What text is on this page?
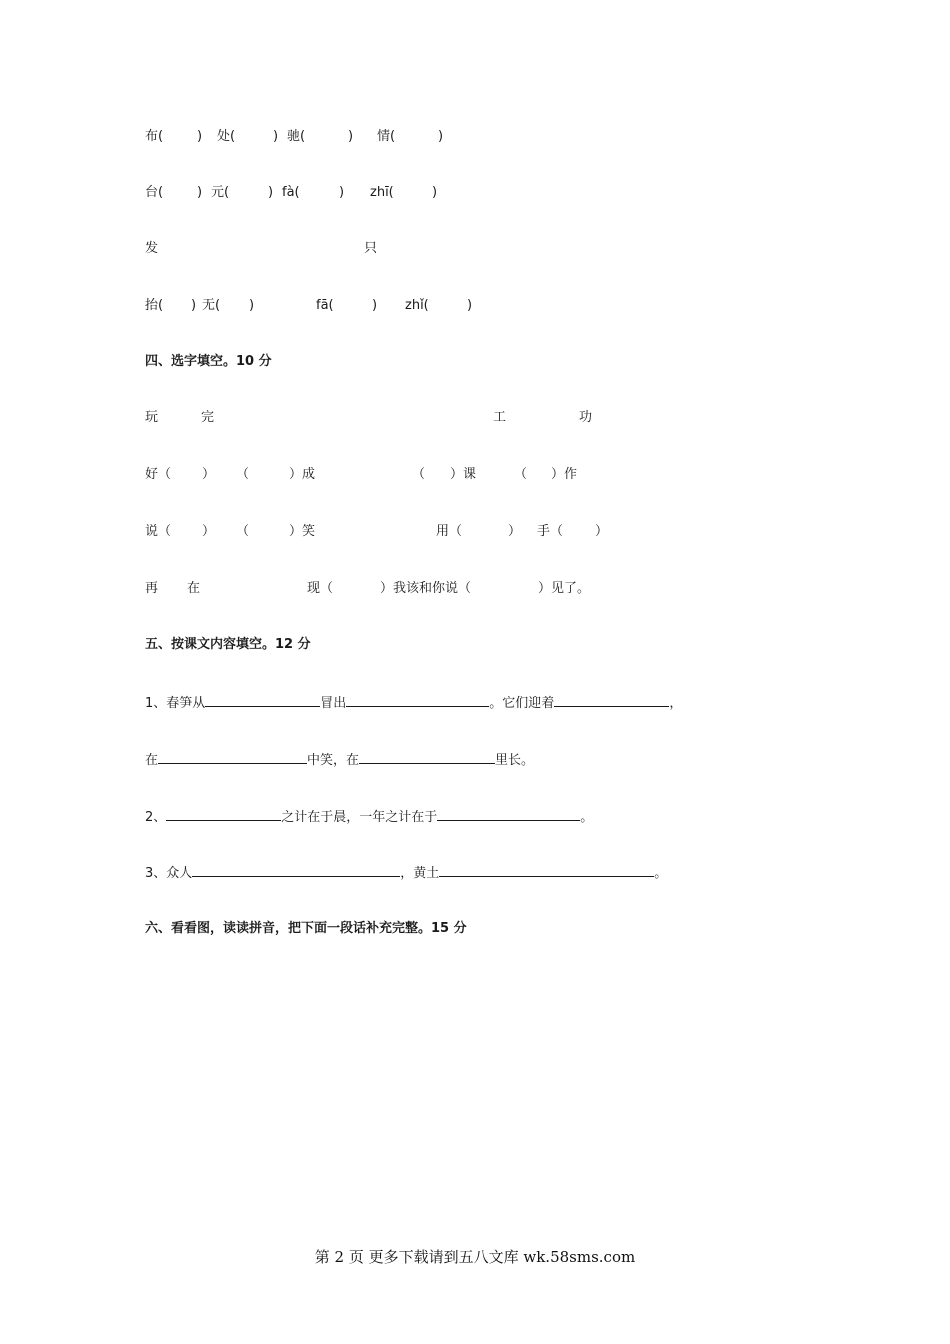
布(	) 处(	) 驰(	) 情(	)
台(	) 元(	) fà(	) zhī(	)
发	只
抬( ) 无( )	fā(	) zhǐ(	)
四、选字填空。10 分
玩	完	工	功
好（ ） （	）成	（ ）课	（ ）作
说（ ） （	）笑	用（	） 手（ ）
再 在	现（	）我该和你说（	）见了。
五、按课文内容填空。12 分
1、春笋从	冒出	。它们迎着	，
在	中笑，在	里长。
2、	之计在于晨，一年之计在于	。
3、众人	，黄土	。
六、看看图，读读拼音，把下面一段话补充完整。15 分
第 2 页 更多下载请到五八文库 wk.58sms.com
